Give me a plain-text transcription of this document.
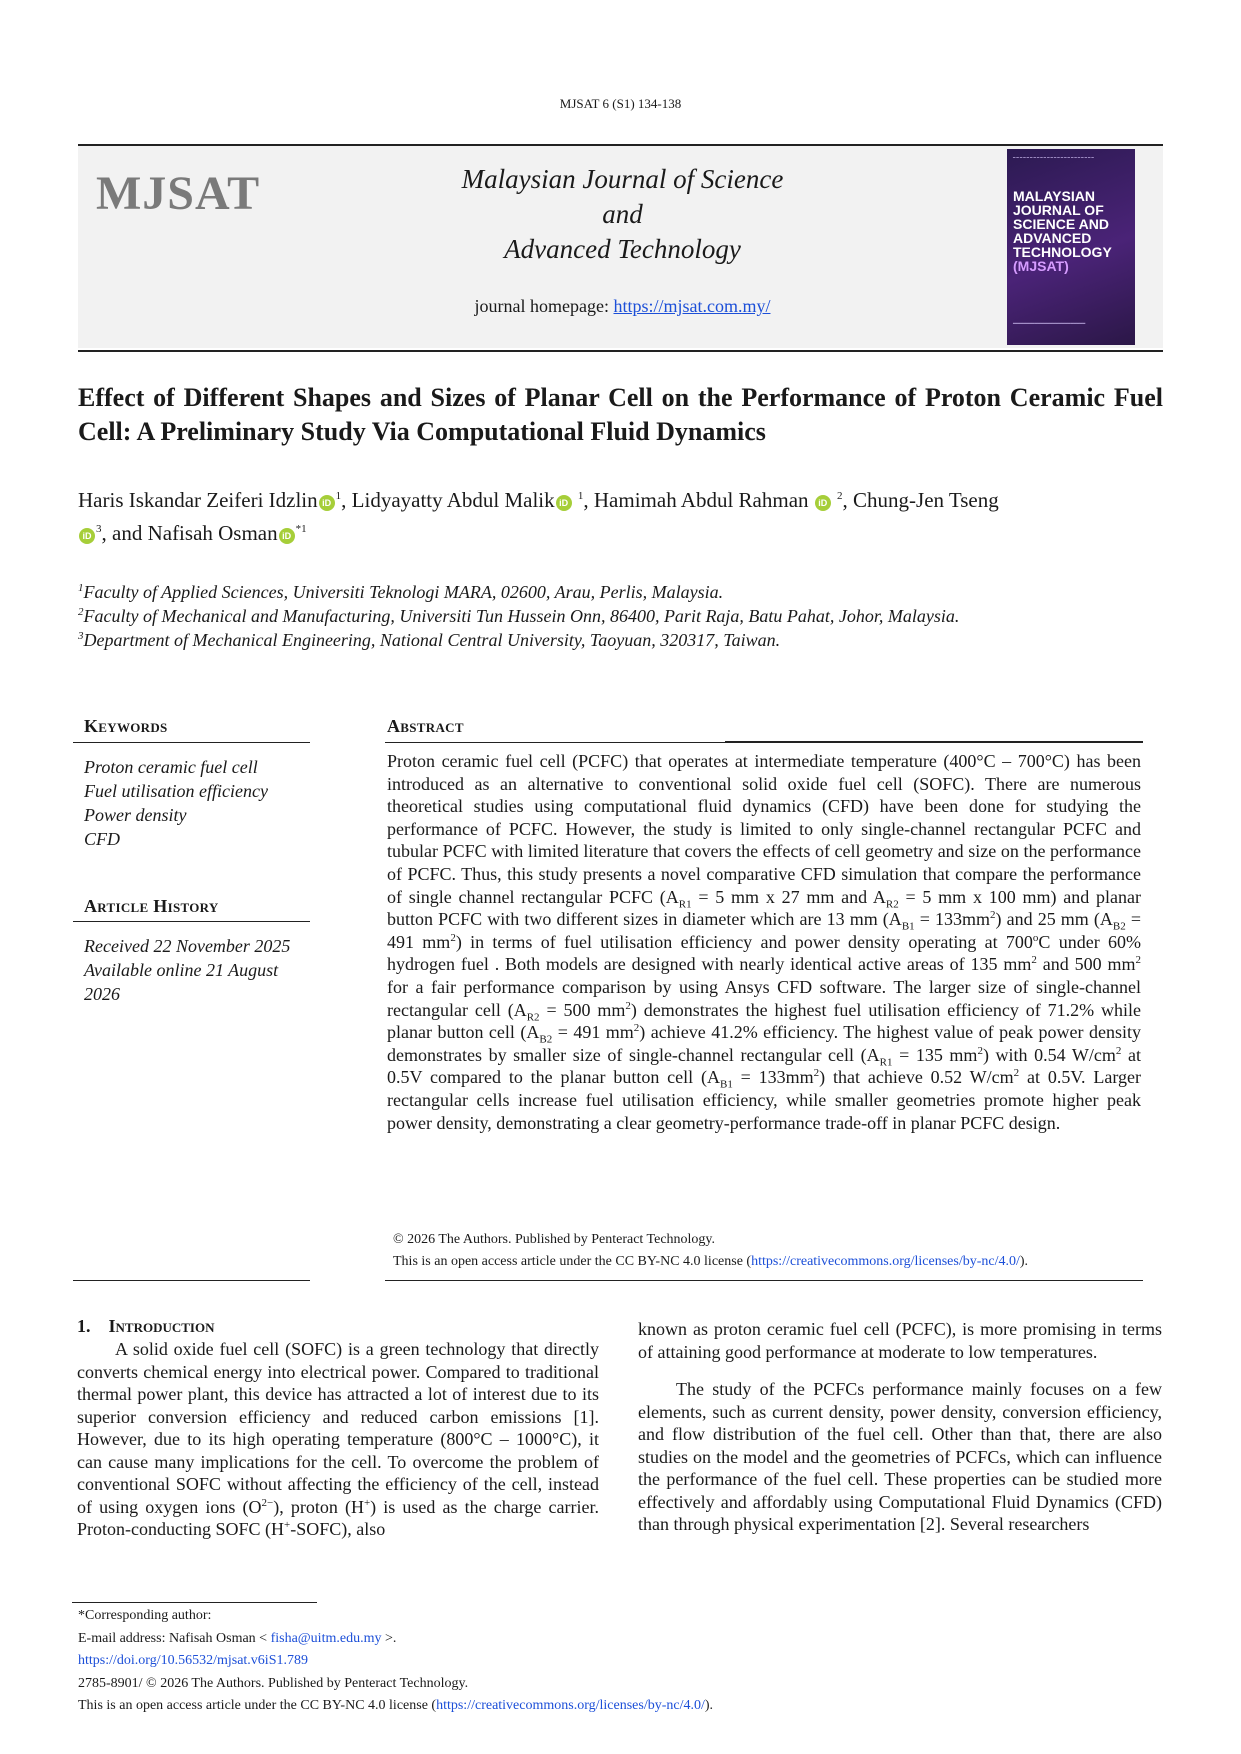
MJSAT 6 (S1) 134-138
MJSAT	Malaysian Journal of Science
and
Advanced Technology
journal homepage: https://mjsat.com.my/
━━━━━━━━━━━━━━━━━━━━━━━━
MALAYSIAN
JOURNAL OF
SCIENCE AND
ADVANCED
TECHNOLOGY
(MJSAT)
━━━━━━━━━━━━━━━━━━━━━━━━
Effect of Different Shapes and Sizes of Planar Cell on the Performance of Proton Ceramic Fuel Cell: A Preliminary Study Via Computational Fluid Dynamics
Haris Iskandar Zeiferi Idzlin $iD^1$, Lidyayatty Abdul Malik iD $^1$, Hamimah Abdul Rahman iD $^2$, Chung-Jen Tseng
$iD^3$, and Nafisah Osman $iD^{*1}$
$^1$Faculty of Applied Sciences, Universiti Teknologi MARA, 02600, Arau, Perlis, Malaysia.
$^2$Faculty of Mechanical and Manufacturing, Universiti Tun Hussein Onn, 86400, Parit Raja, Batu Pahat, Johor, Malaysia.
$^3$Department of Mechanical Engineering, National Central University, Taoyuan, 320317, Taiwan.
Keywords
Proton ceramic fuel cell
Fuel utilisation efficiency
Power density
CFD
Article History
Received 22 November 2025
Available online 21 August
2026
Abstract
Proton ceramic fuel cell (PCFC) that operates at intermediate temperature (400°C – 700°C) has been introduced as an alternative to conventional solid oxide fuel cell (SOFC). There are numerous theoretical studies using computational fluid dynamics (CFD) have been done for studying the performance of PCFC. However, the study is limited to only single-channel rectangular PCFC and tubular PCFC with limited literature that covers the effects of cell geometry and size on the performance of PCFC. Thus, this study presents a novel comparative CFD simulation that compare the performance of single channel rectangular PCFC ($A_{R1} = 5$ mm x 27 mm and $A_{R2} = 5$ mm x 100 mm) and planar button PCFC with two different sizes in diameter which are 13 mm $(A_{B1} = 133mm^2)$ and 25 mm ($A_{B2} = 491$ $mm^2$) in terms of fuel utilisation efficiency and power density operating at 700$^o$C under 60% hydrogen fuel . Both models are designed with nearly identical active areas of 135 $mm^2$ and 500 $mm^2$ for a fair performance comparison by using Ansys CFD software. The larger size of single-channel rectangular cell ($A_{R2} = 500$ $mm^2$) demonstrates the highest fuel utilisation efficiency of 71.2% while planar button cell ($A_{B2} = 491$ $mm^2$) achieve 41.2% efficiency. The highest value of peak power density demonstrates by smaller size of single-channel rectangular cell ($A_{R1} = 135$ $mm^2$) with 0.54 $W/cm^2$ at 0.5V compared to the planar button cell $(A_{B1} = 133mm^2)$ that achieve 0.52 $W/cm^2$ at 0.5V. Larger rectangular cells increase fuel utilisation efficiency, while smaller geometries promote higher peak power density, demonstrating a clear geometry-performance trade-off in planar PCFC design.
© 2026 The Authors. Published by Penteract Technology.
This is an open access article under the CC BY-NC 4.0 license (https://creativecommons.org/licenses/by-nc/4.0/).
1. Introduction
A solid oxide fuel cell (SOFC) is a green technology that directly converts chemical energy into electrical power. Compared to traditional thermal power plant, this device has attracted a lot of interest due to its superior conversion efficiency and reduced carbon emissions [1]. However, due to its high operating temperature (800°C – 1000°C), it can cause many implications for the cell. To overcome the problem of conventional SOFC without affecting the efficiency of the cell, instead of using oxygen ions $(O^{2-})$, proton (H+) is used as the charge carrier. Proton-conducting SOFC (H+-SOFC), also
known as proton ceramic fuel cell (PCFC), is more promising in terms of attaining good performance at moderate to low temperatures.
The study of the PCFCs performance mainly focuses on a few elements, such as current density, power density, conversion efficiency, and flow distribution of the fuel cell. Other than that, there are also studies on the model and the geometries of PCFCs, which can influence the performance of the fuel cell. These properties can be studied more effectively and affordably using Computational Fluid Dynamics (CFD) than through physical experimentation [2]. Several researchers
*Corresponding author:
E-mail address: Nafisah Osman < fisha@uitm.edu.my >.
https://doi.org/10.56532/mjsat.v6iS1.789
2785-8901/ © 2026 The Authors. Published by Penteract Technology.
This is an open access article under the CC BY-NC 4.0 license (https://creativecommons.org/licenses/by-nc/4.0/).
